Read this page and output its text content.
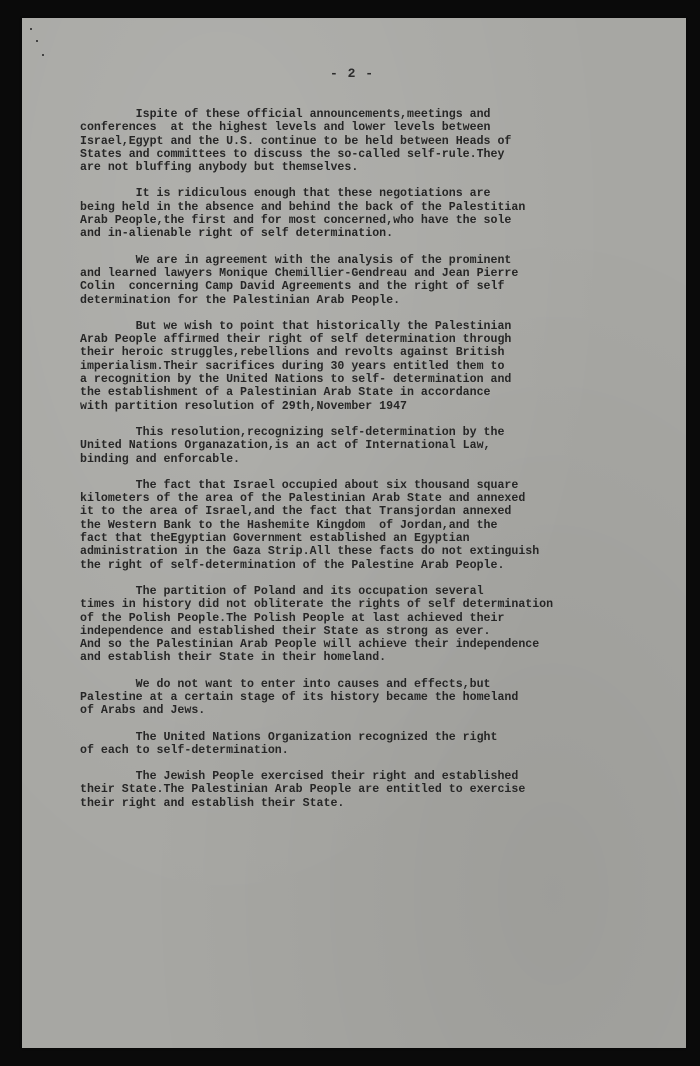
- 2 -

Ispite of these official announcements,meetings and
conferences  at the highest levels and lower levels between
Israel,Egypt and the U.S. continue to be held between Heads of
States and committees to discuss the so-called self-rule.They
are not bluffing anybody but themselves.

It is ridiculous enough that these negotiations are
being held in the absence and behind the back of the Palestitian
Arab People,the first and for most concerned,who have the sole
and in-alienable right of self determination.

We are in agreement with the analysis of the prominent
and learned lawyers Monique Chemillier-Gendreau and Jean Pierre
Colin  concerning Camp David Agreements and the right of self
determination for the Palestinian Arab People.

But we wish to point that historically the Palestinian
Arab People affirmed their right of self determination through
their heroic struggles,rebellions and revolts against British
imperialism.Their sacrifices during 30 years entitled them to
a recognition by the United Nations to self- determination and
the establishment of a Palestinian Arab State in accordance
with partition resolution of 29th,November 1947

This resolution,recognizing self-determination by the
United Nations Organazation,is an act of International Law,
binding and enforcable.

The fact that Israel occupied about six thousand square
kilometers of the area of the Palestinian Arab State and annexed
it to the area of Israel,and the fact that Transjordan annexed
the Western Bank to the Hashemite Kingdom  of Jordan,and the
fact that theEgyptian Government established an Egyptian
administration in the Gaza Strip.All these facts do not extinguish
the right of self-determination of the Palestine Arab People.

The partition of Poland and its occupation several
times in history did not obliterate the rights of self determination
of the Polish People.The Polish People at last achieved their
independence and established their State as strong as ever.
And so the Palestinian Arab People will achieve their independence
and establish their State in their homeland.

We do not want to enter into causes and effects,but
Palestine at a certain stage of its history became the homeland
of Arabs and Jews.

The United Nations Organization recognized the right
of each to self-determination.

The Jewish People exercised their right and established
their State.The Palestinian Arab People are entitled to exercise
their right and establish their State.
